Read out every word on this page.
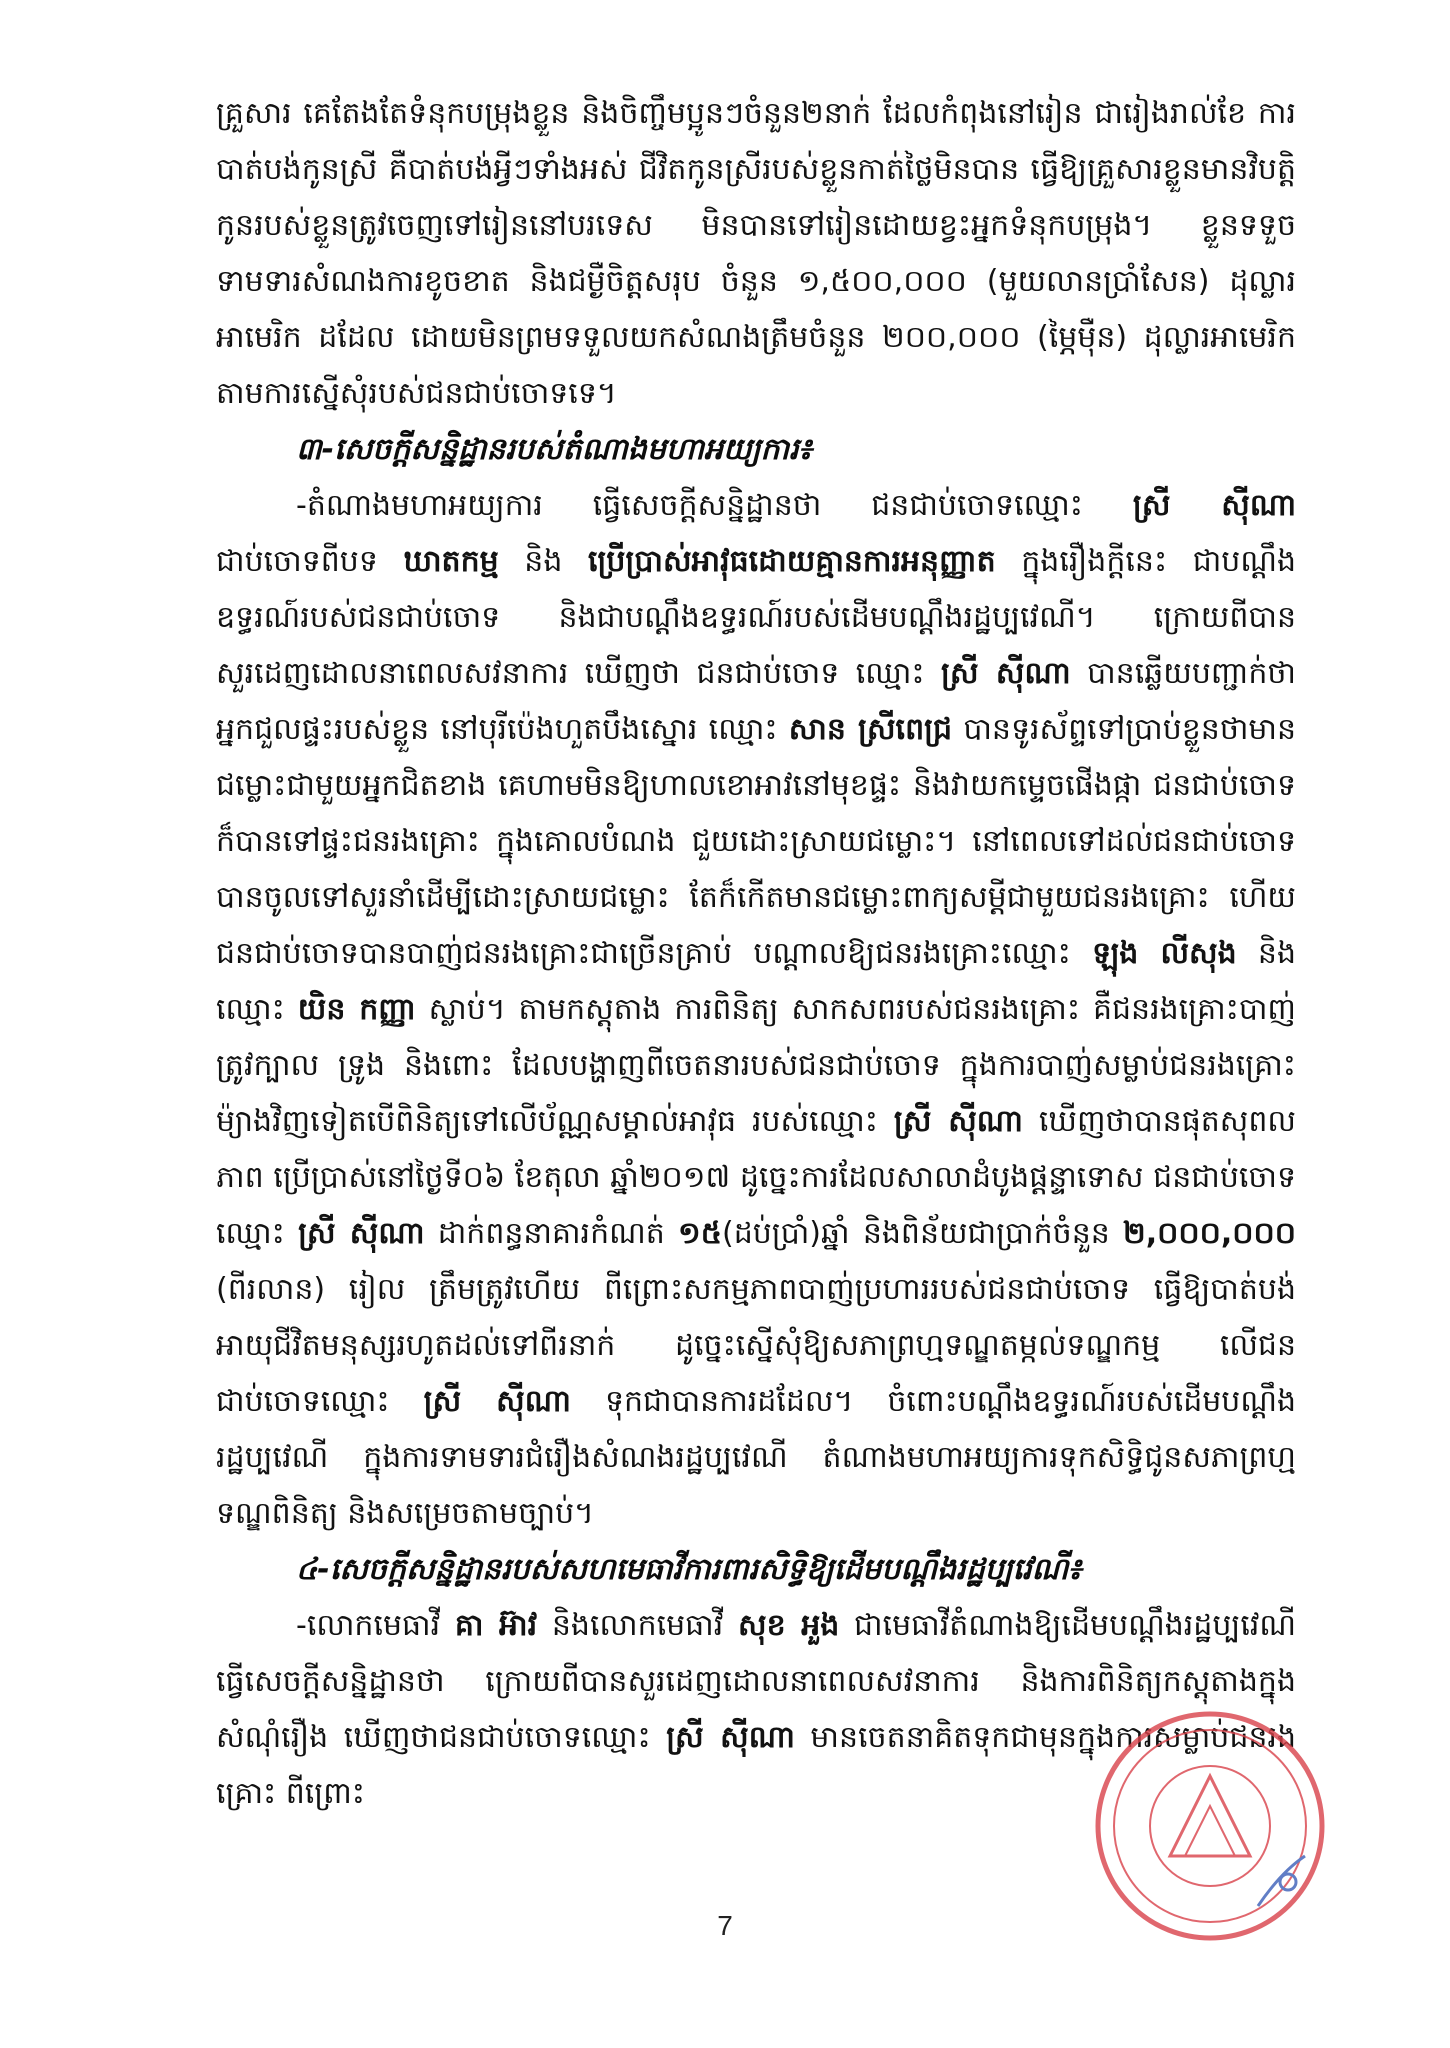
គ្រួសារ គេតែងតែទំនុកបម្រុងខ្លួន និងចិញ្ចឹមប្អូនៗចំនួន២នាក់ ដែលកំពុងនៅរៀន ជារៀងរាល់ខែ ការបាត់បង់កូនស្រី គឺបាត់បង់អ្វីៗទាំងអស់ ជីវិតកូនស្រីរបស់ខ្លួនកាត់ថ្លៃមិនបាន ធ្វើឱ្យគ្រួសារខ្លួនមានវិបត្តិ កូនរបស់ខ្លួនត្រូវចេញទៅរៀននៅបរទេស មិនបានទៅរៀនដោយខ្វះអ្នកទំនុកបម្រុង។ ខ្លួនទទួចទាមទារសំណងការខូចខាត និងជម្ងឺចិត្តសរុប ចំនួន ១,៥០០,០០០ (មួយលានប្រាំសែន) ដុល្លារអាមេរិក ដដែល ដោយមិនព្រមទទួលយកសំណងត្រឹមចំនួន ២០០,០០០ (ម្ភៃម៉ឺន) ដុល្លារអាមេរិក តាមការស្នើសុំរបស់ជនជាប់ចោទទេ។

៣-សេចក្តីសន្និដ្ឋានរបស់តំណាងមហាអយ្យការ៖

-តំណាងមហាអយ្យការ ធ្វើសេចក្តីសន្និដ្ឋានថា ជនជាប់ចោទឈ្មោះ ស្រី ស៊ីណា ជាប់ចោទពីបទ ឃាតកម្ម និង ប្រើប្រាស់អាវុធដោយគ្មានការអនុញ្ញាត ក្នុងរឿងក្តីនេះ ជាបណ្តឹងឧទ្ធរណ៍របស់ជនជាប់ចោទ និងជាបណ្តឹងឧទ្ធរណ៍របស់ដើមបណ្តឹងរដ្ឋប្បវេណី។ ក្រោយពីបានសួរដេញដោលនាពេលសវនាការ ឃើញថា ជនជាប់ចោទ ឈ្មោះ ស្រី ស៊ីណា បានឆ្លើយបញ្ជាក់ថា អ្នកជួលផ្ទះរបស់ខ្លួន នៅបុរីប៉េងហួតបឹងស្នោរ ឈ្មោះ សាន ស្រីពេជ្រ បានទូរស័ព្ទទៅប្រាប់ខ្លួនថាមានជម្លោះជាមួយអ្នកជិតខាង គេហាមមិនឱ្យហាលខោអាវនៅមុខផ្ទះ និងវាយកម្ទេចផើងផ្កា ជនជាប់ចោទក៏បានទៅផ្ទះជនរងគ្រោះ ក្នុងគោលបំណង ជួយដោះស្រាយជម្លោះ។ នៅពេលទៅដល់ជនជាប់ចោទបានចូលទៅសួរនាំដើម្បីដោះស្រាយជម្លោះ តែក៏កើតមានជម្លោះពាក្យសម្តីជាមួយជនរងគ្រោះ ហើយជនជាប់ចោទបានបាញ់ជនរងគ្រោះជាច្រើនគ្រាប់ បណ្តាលឱ្យជនរងគ្រោះឈ្មោះ ឡុង លីសុង និងឈ្មោះ យិន កញ្ញា ស្លាប់។ តាមកស្តុតាង ការពិនិត្យ សាកសពរបស់ជនរងគ្រោះ គឺជនរងគ្រោះបាញ់ត្រូវក្បាល ទ្រូង និងពោះ ដែលបង្ហាញពីចេតនារបស់ជនជាប់ចោទ ក្នុងការបាញ់សម្លាប់ជនរងគ្រោះ ម៉្យាងវិញទៀតបើពិនិត្យទៅលើប័ណ្ណសម្គាល់អាវុធ របស់ឈ្មោះ ស្រី ស៊ីណា ឃើញថាបានផុតសុពលភាព ប្រើប្រាស់នៅថ្ងៃទី០៦ ខែតុលា ឆ្នាំ២០១៧ ដូច្នេះការដែលសាលាដំបូងផ្តន្ទាទោស ជនជាប់ចោទឈ្មោះ ស្រី ស៊ីណា ដាក់ពន្ធនាគារកំណត់ ១៥(ដប់ប្រាំ)ឆ្នាំ និងពិន័យជាប្រាក់ចំនួន ២,០០០,០០០ (ពីរលាន) រៀល ត្រឹមត្រូវហើយ ពីព្រោះសកម្មភាពបាញ់ប្រហាររបស់ជនជាប់ចោទ ធ្វើឱ្យបាត់បង់អាយុជីវិតមនុស្សរហូតដល់ទៅពីរនាក់ ដូច្នេះស្នើសុំឱ្យសភាព្រហ្មទណ្ឌតម្កល់ទណ្ឌកម្ម លើជនជាប់ចោទឈ្មោះ ស្រី ស៊ីណា ទុកជាបានការដដែល។ ចំពោះបណ្តឹងឧទ្ធរណ៍របស់ដើមបណ្តឹងរដ្ឋប្បវេណី ក្នុងការទាមទារជំរឿងសំណងរដ្ឋប្បវេណី តំណាងមហាអយ្យការទុកសិទ្ធិជូនសភាព្រហ្មទណ្ឌពិនិត្យ និងសម្រេចតាមច្បាប់។

៤-សេចក្តីសន្និដ្ឋានរបស់សហមេធាវីការពារសិទ្ធិឱ្យដើមបណ្តឹងរដ្ឋប្បវេណី៖

-លោកមេធាវី គា អ៊ាវ និងលោកមេធាវី សុខ អួង ជាមេធាវីតំណាងឱ្យដើមបណ្តឹងរដ្ឋប្បវេណី ធ្វើសេចក្តីសន្និដ្ឋានថា ក្រោយពីបានសួរដេញដោលនាពេលសវនាការ និងការពិនិត្យកស្តុតាងក្នុងសំណុំរឿង ឃើញថាជនជាប់ចោទឈ្មោះ ស្រី ស៊ីណា មានចេតនាគិតទុកជាមុនក្នុងការសម្លាប់ជនរងគ្រោះ ពីព្រោះ

7
